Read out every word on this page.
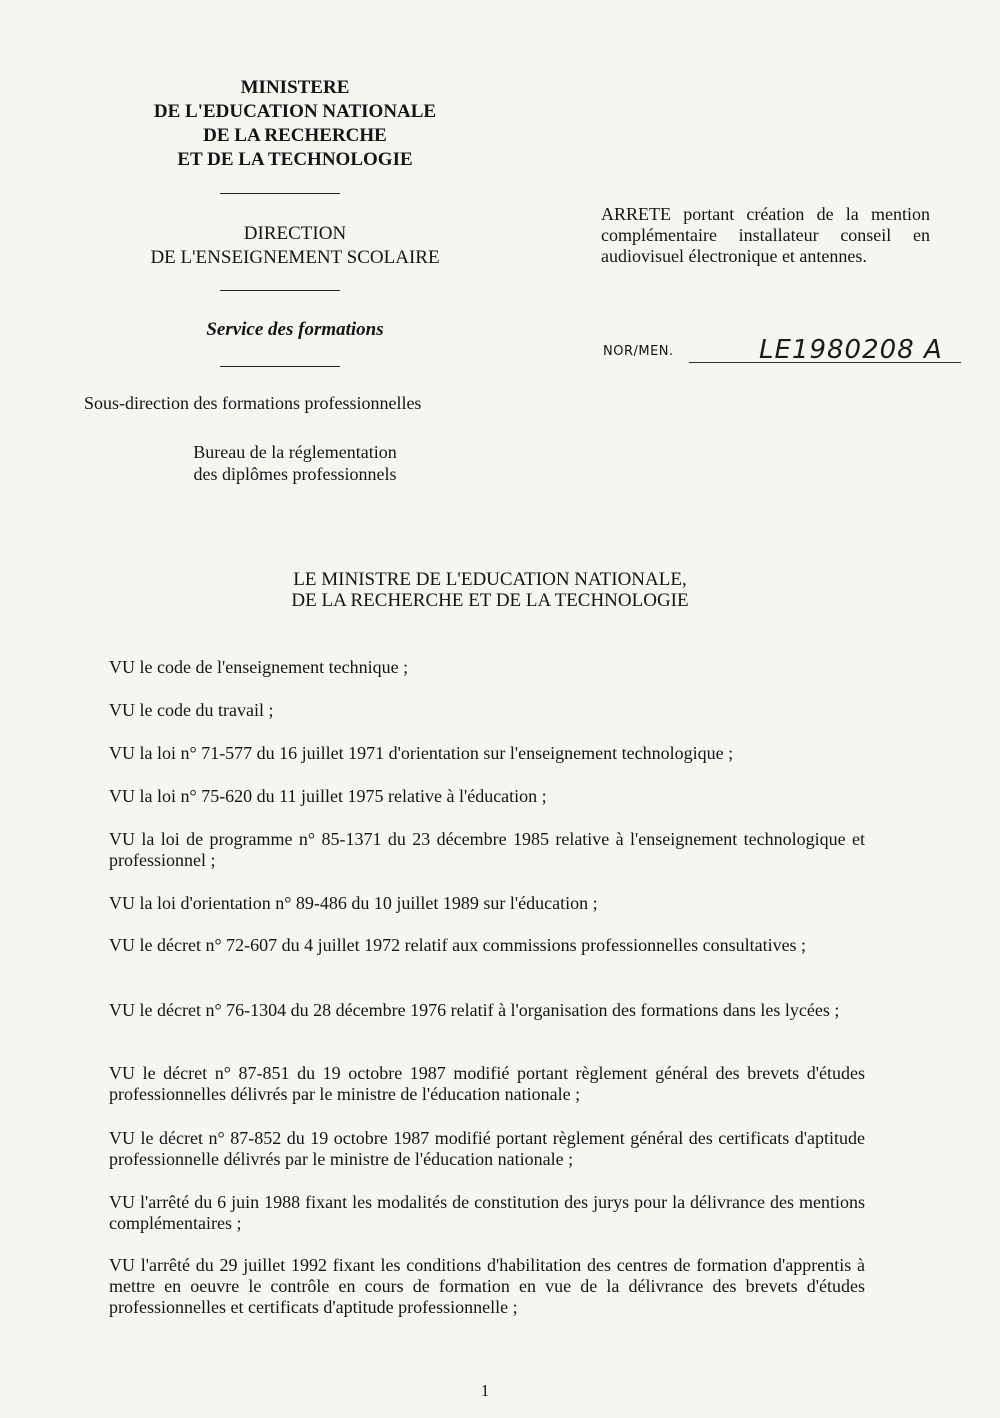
MINISTERE
DE L'EDUCATION NATIONALE
DE LA RECHERCHE
ET DE LA TECHNOLOGIE
DIRECTION
DE L'ENSEIGNEMENT SCOLAIRE
Service des formations
Sous-direction des formations professionnelles
Bureau de la réglementation
des diplômes professionnels
ARRETE portant création de la mention complémentaire installateur conseil en audiovisuel électronique et antennes.
NOR/MEN.	LE1980208 A
LE MINISTRE DE L'EDUCATION NATIONALE,
DE LA RECHERCHE ET DE LA TECHNOLOGIE
VU le code de l'enseignement technique ;
VU le code du travail ;
VU la loi n° 71-577 du 16 juillet 1971 d'orientation sur l'enseignement technologique ;
VU la loi n° 75-620 du 11 juillet 1975 relative à l'éducation ;
VU la loi de programme n° 85-1371 du 23 décembre 1985 relative à l'enseignement technologique et professionnel ;
VU la loi d'orientation n° 89-486 du 10 juillet 1989 sur l'éducation ;
VU le décret n° 72-607 du 4 juillet 1972 relatif aux commissions professionnelles consultatives ;
VU le décret n° 76-1304 du 28 décembre 1976 relatif à l'organisation des formations dans les lycées ;
VU le décret n° 87-851 du 19 octobre 1987 modifié portant règlement général des brevets d'études professionnelles délivrés par le ministre de l'éducation nationale ;
VU le décret n° 87-852 du 19 octobre 1987 modifié portant règlement général des certificats d'aptitude professionnelle délivrés par le ministre de l'éducation nationale ;
VU l'arrêté du 6 juin 1988 fixant les modalités de constitution des jurys pour la délivrance des mentions complémentaires ;
VU l'arrêté du 29 juillet 1992 fixant les conditions d'habilitation des centres de formation d'apprentis à mettre en oeuvre le contrôle en cours de formation en vue de la délivrance des brevets d'études professionnelles et certificats d'aptitude professionnelle ;
1
